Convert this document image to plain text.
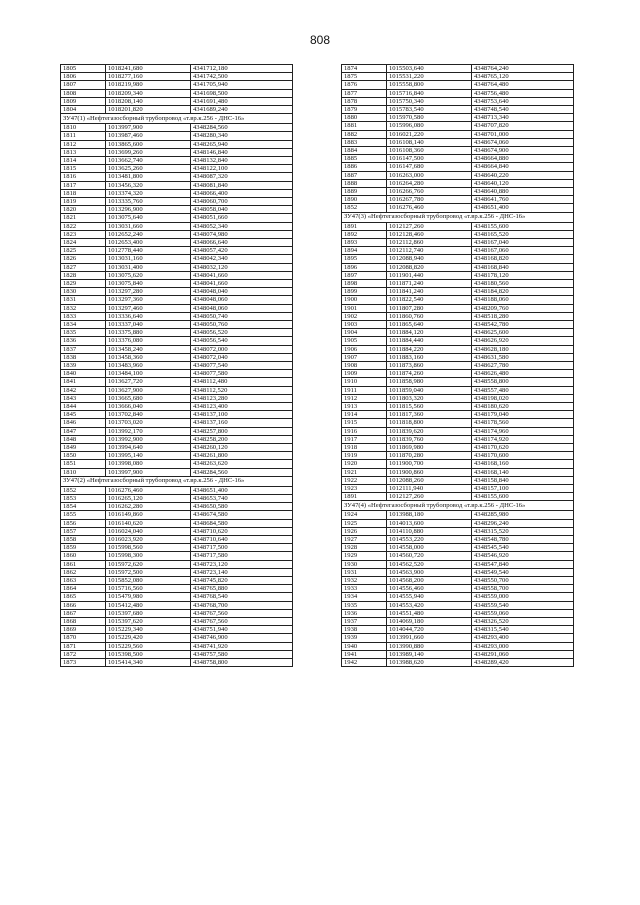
808
1805	1018241,680	4341712,180
1806	1018277,160	4341742,500
1807	1018219,980	4341705,940
1808	1018209,340	4341698,500
1809	1018208,140	4341691,480
1804	1018201,820	4341689,240
ЗУ47(1) «Нефтегазосборный трубопровод «т.вр.к.256 - ДНС-16»		
1810	1013997,900	4348284,560
1811	1013987,460	4348280,340
1812	1013865,600	4348265,940
1813	1013699,260	4348146,840
1814	1013662,740	4348132,840
1815	1013625,260	4348122,100
1816	1013481,800	4348087,320
1817	1013456,320	4348081,840
1818	1013374,320	4348066,400
1819	1013335,760	4348060,700
1820	1013296,900	4348058,040
1821	1013075,640	4348051,660
1822	1013031,660	4348052,340
1823	1012652,240	4348074,980
1824	1012653,400	4348066,640
1825	1012778,440	4348057,420
1826	1013031,160	4348042,340
1827	1013031,400	4348032,120
1828	1013075,620	4348041,660
1829	1013075,840	4348041,660
1830	1013297,280	4348048,040
1831	1013297,360	4348048,060
1832	1013297,460	4348048,060
1833	1013336,640	4348050,740
1834	1013337,040	4348050,760
1835	1013375,880	4348056,520
1836	1013376,080	4348056,540
1837	1013458,240	4348072,000
1838	1013458,360	4348072,040
1839	1013483,960	4348077,540
1840	1013484,100	4348077,580
1841	1013627,720	4348112,480
1842	1013627,900	4348112,520
1843	1013665,680	4348123,280
1844	1013666,040	4348123,400
1845	1013702,840	4348137,100
1846	1013703,020	4348137,160
1847	1013992,170	4348257,800
1848	1013992,900	4348258,200
1849	1013994,640	4348260,120
1850	1013995,140	4348261,800
1851	1013998,080	4348263,620
1810	1013997,900	4348284,560
ЗУ47(2) «Нефтегазосборный трубопровод «т.вр.к.256 - ДНС-16»		
1852	1016276,460	4348651,400
1853	1016265,120	4348653,740
1854	1016262,280	4348650,580
1855	1016149,860	4348674,580
1856	1016140,620	4348684,580
1857	1016024,040	4348710,620
1858	1016023,920	4348710,640
1859	1015998,560	4348717,500
1860	1015998,300	4348717,580
1861	1015972,620	4348723,120
1862	1015972,500	4348723,140
1863	1015852,080	4348745,820
1864	1015716,560	4348765,880
1865	1015479,980	4348768,540
1866	1015412,480	4348768,700
1867	1015397,680	4348767,560
1868	1015397,620	4348767,560
1869	1015229,340	4348751,940
1870	1015229,420	4348746,900
1871	1015229,560	4348741,920
1872	1015398,500	4348757,580
1873	1015414,340	4348758,800
1874	1015503,640	4348764,240
1875	1015531,220	4348765,120
1876	1015558,800	4348764,480
1877	1015716,840	4348756,480
1878	1015750,340	4348753,640
1879	1015783,540	4348748,540
1880	1015970,580	4348713,340
1881	1015996,080	4348707,820
1882	1016021,220	4348701,000
1883	1016108,140	4348674,060
1884	1016108,360	4348674,900
1885	1016147,500	4348664,880
1886	1016147,680	4348664,840
1887	1016263,000	4348640,220
1888	1016264,280	4348640,120
1889	1016266,760	4348640,880
1890	1016267,780	4348641,760
1852	1016276,460	4348651,400
ЗУ47(3) «Нефтегазосборный трубопровод «т.вр.к.256 - ДНС-16»		
1891	1012127,260	4348155,600
1892	1012128,460	4348165,520
1893	1012112,860	4348167,040
1894	1012112,740	4348167,060
1895	1012088,940	4348168,820
1896	1012088,820	4348168,840
1897	1011901,440	4348178,120
1898	1011871,240	4348180,560
1899	1011841,240	4348184,820
1900	1011822,540	4348188,060
1901	1011807,280	4348209,760
1902	1011860,760	4348518,280
1903	1011865,640	4348542,780
1904	1011884,120	4348625,600
1905	1011884,440	4348626,920
1906	1011884,220	4348628,180
1907	1011883,160	4348631,580
1908	1011873,860	4348627,780
1909	1011874,260	4348626,480
1910	1011858,980	4348558,800
1911	1011859,040	4348557,480
1912	1011803,320	4348198,020
1913	1011815,560	4348180,620
1914	1011817,360	4348179,040
1915	1011818,800	4348178,560
1916	1011839,620	4348174,960
1917	1011839,760	4348174,920
1918	1011869,980	4348170,620
1919	1011870,280	4348170,600
1920	1011900,700	4348168,160
1921	1011900,860	4348168,140
1922	1012088,260	4348158,840
1923	1012111,940	4348157,100
1891	1012127,260	4348155,600
ЗУ47(4) «Нефтегазосборный трубопровод «т.вр.к.256 - ДНС-16»		
1924	1013988,180	4348285,980
1925	1014013,600	4348296,240
1926	1014110,880	4348315,520
1927	1014553,220	4348548,780
1928	1014558,000	4348545,540
1929	1014560,720	4348546,920
1930	1014562,520	4348547,840
1931	1014563,900	4348549,540
1932	1014568,200	4348550,700
1933	1014556,460	4348558,700
1934	1014555,940	4348559,000
1935	1014553,420	4348559,540
1936	1014551,480	4348559,060
1937	1014069,180	4348326,520
1938	1014044,720	4348315,540
1939	1013991,660	4348293,400
1940	1013990,880	4348293,000
1941	1013989,140	4348291,060
1942	1013988,620	4348289,420
